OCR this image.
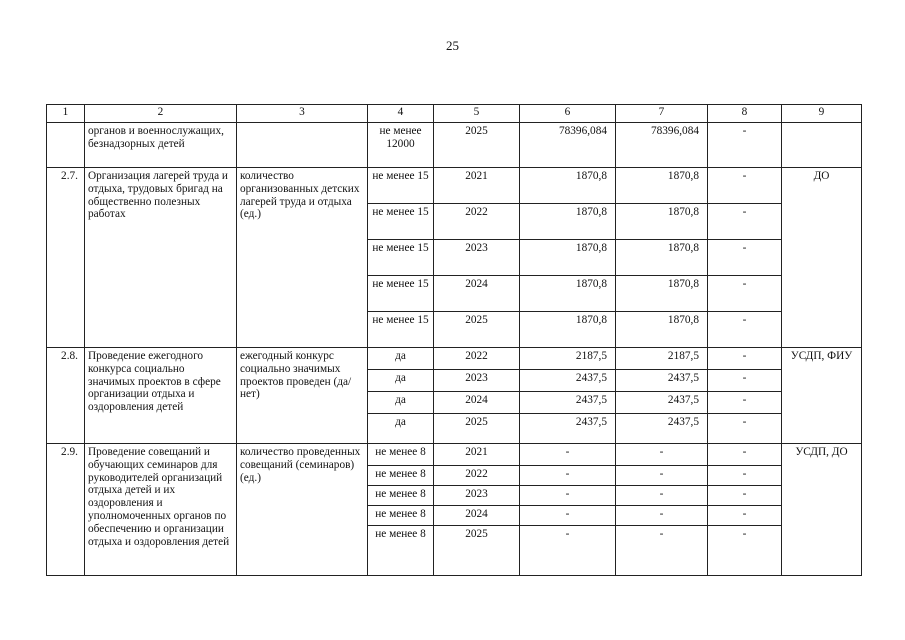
25
1	2	3	4	5	6	7	8	9
	органов и военнослужащих, безнадзорных детей		не менее 12000	2025	78396,084	78396,084	-	
2.7.	Организация лагерей труда и отдыха, трудовых бригад на общественно полезных работах	количество организованных детских лагерей труда и отдыха (ед.)	не менее 15	2021	1870,8	1870,8	-	ДО
			не менее 15	2022	1870,8	1870,8	-	
			не менее 15	2023	1870,8	1870,8	-	
			не менее 15	2024	1870,8	1870,8	-	
			не менее 15	2025	1870,8	1870,8	-	
2.8.	Проведение ежегодного конкурса социально значимых проектов в сфере организации отдыха и оздоровления детей	ежегодный конкурс социально значимых проектов проведен (да/нет)	да	2022	2187,5	2187,5	-	УСДП, ФИУ
			да	2023	2437,5	2437,5	-	
			да	2024	2437,5	2437,5	-	
			да	2025	2437,5	2437,5	-	
2.9.	Проведение совещаний и обучающих семинаров для руководителей организаций отдыха детей и их оздоровления и уполномоченных органов по обеспечению и организации отдыха и оздоровления детей	количество проведенных совещаний (семинаров) (ед.)	не менее 8	2021	-	-	-	УСДП, ДО
			не менее 8	2022	-	-	-	
			не менее 8	2023	-	-	-	
			не менее 8	2024	-	-	-	
			не менее 8	2025	-	-	-	
